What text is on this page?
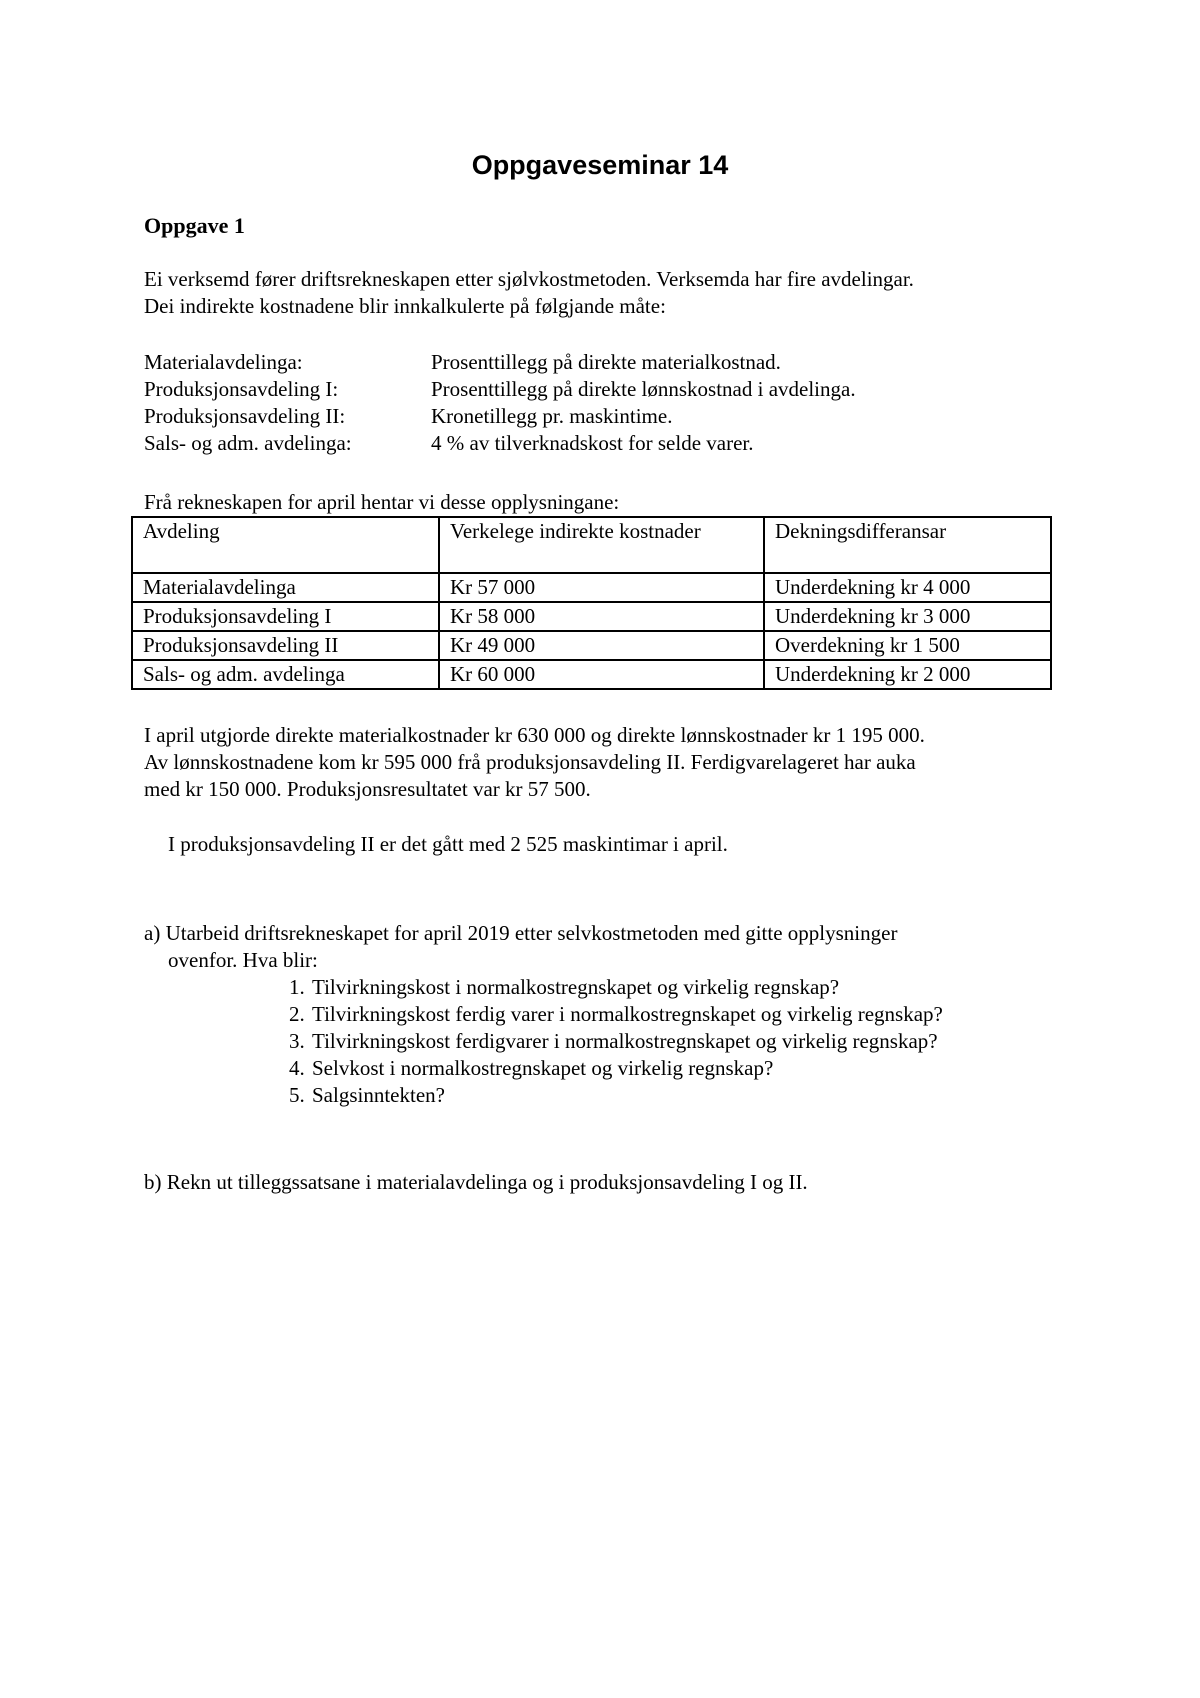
Oppgaveseminar 14
Oppgave 1

Ei verksemd fører driftsrekneskapen etter sjølvkostmetoden. Verksemda har fire avdelingar.

Dei indirekte kostnadene blir innkalkulerte på følgjande måte:

Materialavdelinga:	Prosenttillegg på direkte materialkostnad.
Produksjonsavdeling I:	Prosenttillegg på direkte lønnskostnad i avdelinga.
Produksjonsavdeling II:	Kronetillegg pr. maskintime.
Sals- og adm. avdelinga:	4 % av tilverknadskost for selde varer.

Frå rekneskapen for april hentar vi desse opplysningane:

Avdeling	Verkelege indirekte kostnader	Dekningsdifferansar
Materialavdelinga	Kr 57 000	Underdekning kr 4 000
Produksjonsavdeling I	Kr 58 000	Underdekning kr 3 000
Produksjonsavdeling II	Kr 49 000	Overdekning kr 1 500
Sals- og adm. avdelinga	Kr 60 000	Underdekning kr 2 000

I april utgjorde direkte materialkostnader kr 630 000 og direkte lønnskostnader kr 1 195 000.

Av lønnskostnadene kom kr 595 000 frå produksjonsavdeling II. Ferdigvarelageret har auka

med kr 150 000. Produksjonsresultatet var kr 57 500.

I produksjonsavdeling II er det gått med 2 525 maskintimar i april.

a) Utarbeid driftsrekneskapet for april 2019 etter selvkostmetoden med gitte opplysninger

ovenfor. Hva blir:

1. Tilvirkningskost i normalkostregnskapet og virkelig regnskap?
2. Tilvirkningskost ferdig varer i normalkostregnskapet og virkelig regnskap?
3. Tilvirkningskost ferdigvarer i normalkostregnskapet og virkelig regnskap?
4. Selvkost i normalkostregnskapet og virkelig regnskap?
5. Salgsinntekten?

b) Rekn ut tilleggssatsane i materialavdelinga og i produksjonsavdeling I og II.
